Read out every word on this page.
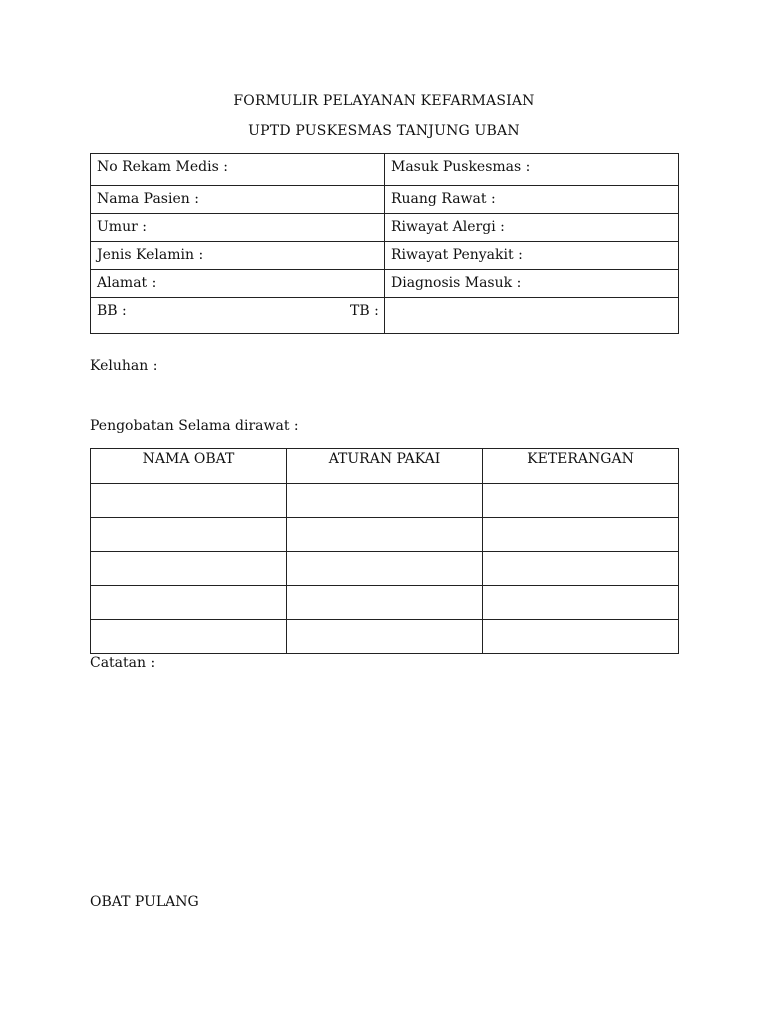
FORMULIR PELAYANAN KEFARMASIAN
UPTD PUSKESMAS TANJUNG UBAN
No Rekam Medis :	Masuk Puskesmas :
Nama Pasien :	Ruang Rawat :
Umur :	Riwayat Alergi :
Jenis Kelamin :	Riwayat Penyakit :
Alamat :	Diagnosis Masuk :
BB : TB :	

Keluhan :
Pengobatan Selama dirawat :
NAMA OBAT	ATURAN PAKAI	KETERANGAN

Catatan :
OBAT PULANG
